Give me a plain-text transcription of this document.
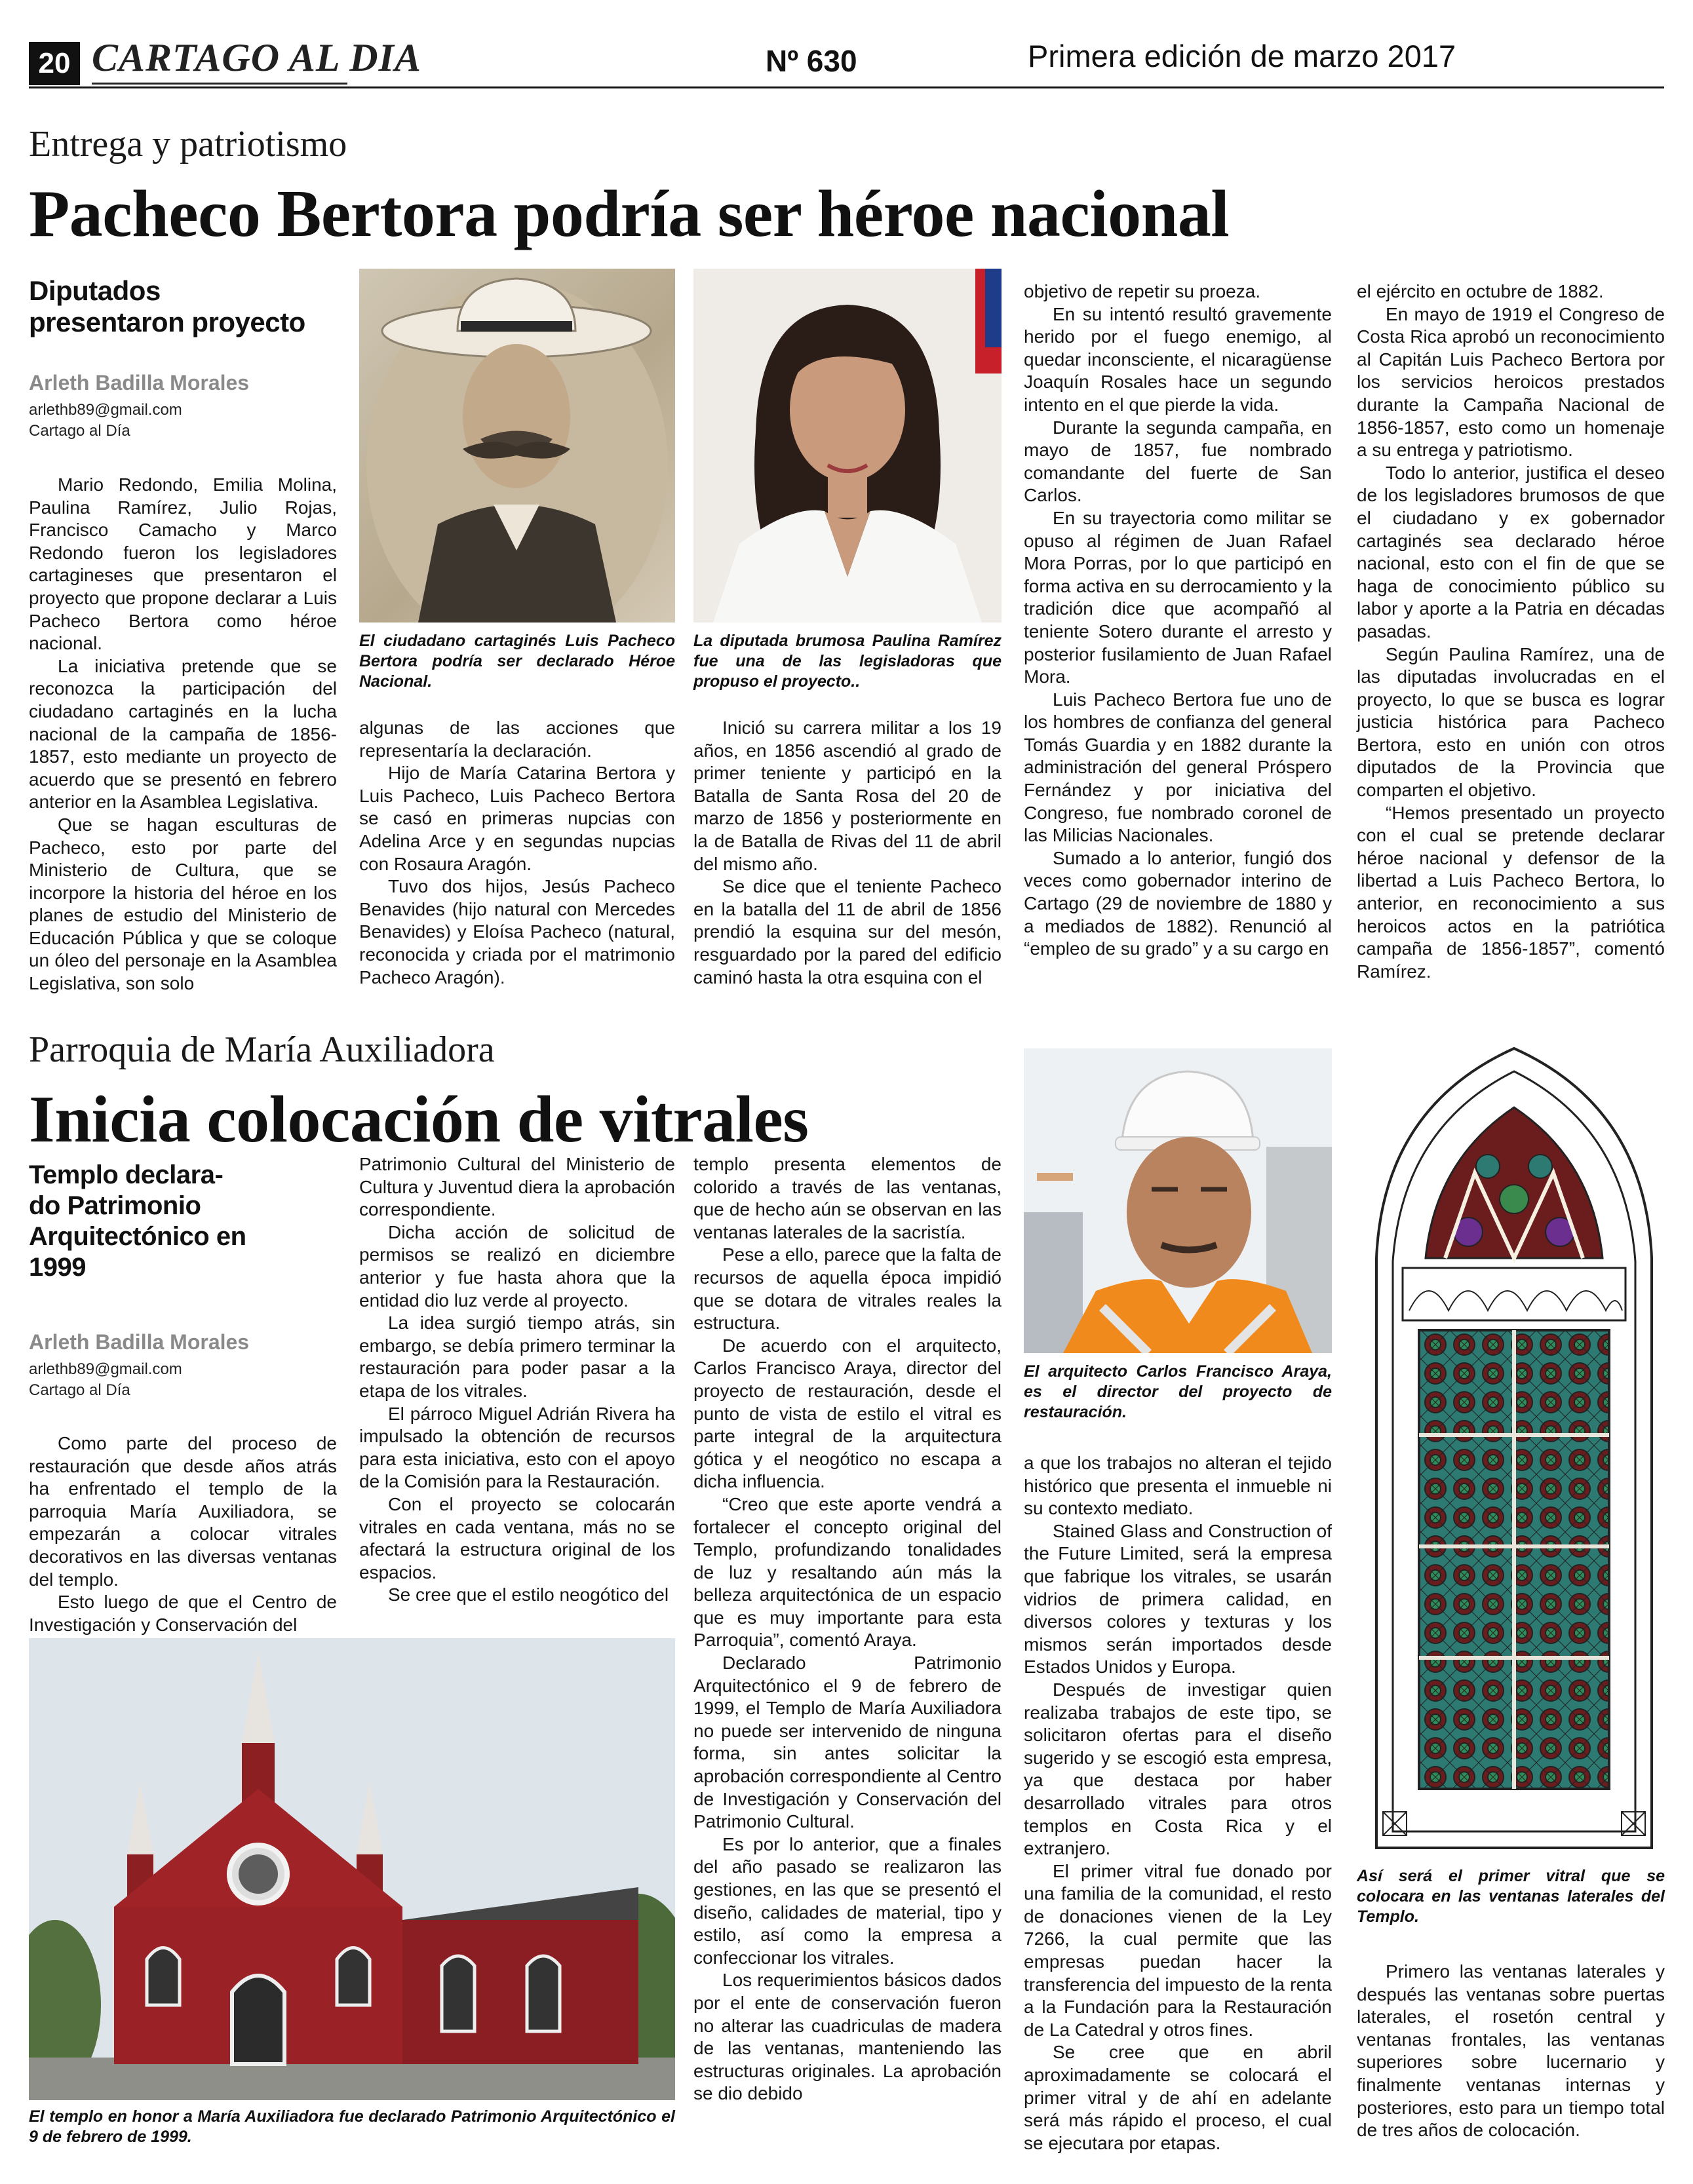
20 CARTAGO AL DIA	Nº 630	Primera edición de marzo 2017
Entrega y patriotismo
Pacheco Bertora podría ser héroe nacional
Diputados
presentaron proyecto
Arleth Badilla Morales
arlethb89@gmail.com
Cartago al Día
El ciudadano cartaginés Luis Pacheco Bertora podría ser declarado Héroe Nacional.
La diputada brumosa Paulina Ramírez fue una de las legisladoras que propuso el proyecto..

Mario Redondo, Emilia Molina, Paulina Ramírez, Julio Rojas, Francisco Camacho y Marco Redondo fueron los legisladores cartagineses que presentaron el proyecto que propone declarar a Luis Pacheco Bertora como héroe nacional.

La iniciativa pretende que se reconozca la participación del ciudadano cartaginés en la lucha nacional de la campaña de 1856-1857, esto mediante un proyecto de acuerdo que se presentó en febrero anterior en la Asamblea Legislativa.

Que se hagan esculturas de Pacheco, esto por parte del Ministerio de Cultura, que se incorpore la historia del héroe en los planes de estudio del Ministerio de Educación Pública y que se coloque un óleo del personaje en la Asamblea Legislativa, son solo

algunas de las acciones que representaría la declaración.

Hijo de María Catarina Bertora y Luis Pacheco, Luis Pacheco Bertora se casó en primeras nupcias con Adelina Arce y en segundas nupcias con Rosaura Aragón.

Tuvo dos hijos, Jesús Pacheco Benavides (hijo natural con Mercedes Benavides) y Eloísa Pacheco (natural, reconocida y criada por el matrimonio Pacheco Aragón).

Inició su carrera militar a los 19 años, en 1856 ascendió al grado de primer teniente y participó en la Batalla de Santa Rosa del 20 de marzo de 1856 y posteriormente en la de Batalla de Rivas del 11 de abril del mismo año.

Se dice que el teniente Pacheco en la batalla del 11 de abril de 1856 prendió la esquina sur del mesón, resguardado por la pared del edificio caminó hasta la otra esquina con el

objetivo de repetir su proeza.

En su intentó resultó gravemente herido por el fuego enemigo, al quedar inconsciente, el nicaragüense Joaquín Rosales hace un segundo intento en el que pierde la vida.

Durante la segunda campaña, en mayo de 1857, fue nombrado comandante del fuerte de San Carlos.

En su trayectoria como militar se opuso al régimen de Juan Rafael Mora Porras, por lo que participó en forma activa en su derrocamiento y la tradición dice que acompañó al teniente Sotero durante el arresto y posterior fusilamiento de Juan Rafael Mora.

Luis Pacheco Bertora fue uno de los hombres de confianza del general Tomás Guardia y en 1882 durante la administración del general Próspero Fernández y por iniciativa del Congreso, fue nombrado coronel de las Milicias Nacionales.

Sumado a lo anterior, fungió dos veces como gobernador interino de Cartago (29 de noviembre de 1880 y a mediados de 1882). Renunció al “empleo de su grado” y a su cargo en

el ejército en octubre de 1882.

En mayo de 1919 el Congreso de Costa Rica aprobó un reconocimiento al Capitán Luis Pacheco Bertora por los servicios heroicos prestados durante la Campaña Nacional de 1856-1857, esto como un homenaje a su entrega y patriotismo.

Todo lo anterior, justifica el deseo de los legisladores brumosos de que el ciudadano y ex gobernador cartaginés sea declarado héroe nacional, esto con el fin de que se haga de conocimiento público su labor y aporte a la Patria en décadas pasadas.

Según Paulina Ramírez, una de las diputadas involucradas en el proyecto, lo que se busca es lograr justicia histórica para Pacheco Bertora, esto en unión con otros diputados de la Provincia que comparten el objetivo.

“Hemos presentado un proyecto con el cual se pretende declarar héroe nacional y defensor de la libertad a Luis Pacheco Bertora, lo anterior, en reconocimiento a sus heroicos actos en la patriótica campaña de 1856-1857”, comentó Ramírez.

Parroquia de María Auxiliadora
Inicia colocación de vitrales
Templo declara-
do Patrimonio
Arquitectónico en
1999
Arleth Badilla Morales
arlethb89@gmail.com
Cartago al Día

Como parte del proceso de restauración que desde años atrás ha enfrentado el templo de la parroquia María Auxiliadora, se empezarán a colocar vitrales decorativos en las diversas ventanas del templo.

Esto luego de que el Centro de Investigación y Conservación del

Patrimonio Cultural del Ministerio de Cultura y Juventud diera la aprobación correspondiente.

Dicha acción de solicitud de permisos se realizó en diciembre anterior y fue hasta ahora que la entidad dio luz verde al proyecto.

La idea surgió tiempo atrás, sin embargo, se debía primero terminar la restauración para poder pasar a la etapa de los vitrales.

El párroco Miguel Adrián Rivera ha impulsado la obtención de recursos para esta iniciativa, esto con el apoyo de la Comisión para la Restauración.

Con el proyecto se colocarán vitrales en cada ventana, más no se afectará la estructura original de los espacios.

Se cree que el estilo neogótico del

templo presenta elementos de colorido a través de las ventanas, que de hecho aún se observan en las ventanas laterales de la sacristía.

Pese a ello, parece que la falta de recursos de aquella época impidió que se dotara de vitrales reales la estructura.

De acuerdo con el arquitecto, Carlos Francisco Araya, director del proyecto de restauración, desde el punto de vista de estilo el vitral es parte integral de la arquitectura gótica y el neogótico no escapa a dicha influencia.

“Creo que este aporte vendrá a fortalecer el concepto original del Templo, profundizando tonalidades de luz y resaltando aún más la belleza arquitectónica de un espacio que es muy importante para esta Parroquia”, comentó Araya.

Declarado Patrimonio Arquitectónico el 9 de febrero de 1999, el Templo de María Auxiliadora no puede ser intervenido de ninguna forma, sin antes solicitar la aprobación correspondiente al Centro de Investigación y Conservación del Patrimonio Cultural.

Es por lo anterior, que a finales del año pasado se realizaron las gestiones, en las que se presentó el diseño, calidades de material, tipo y estilo, así como la empresa a confeccionar los vitrales.

Los requerimientos básicos dados por el ente de conservación fueron no alterar las cuadriculas de madera de las ventanas, manteniendo las estructuras originales. La aprobación se dio debido

a que los trabajos no alteran el tejido histórico que presenta el inmueble ni su contexto mediato.

Stained Glass and Construction of the Future Limited, será la empresa que fabrique los vitrales, se usarán vidrios de primera calidad, en diversos colores y texturas y los mismos serán importados desde Estados Unidos y Europa.

Después de investigar quien realizaba trabajos de este tipo, se solicitaron ofertas para el diseño sugerido y se escogió esta empresa, ya que destaca por haber desarrollado vitrales para otros templos en Costa Rica y el extranjero.

El primer vitral fue donado por una familia de la comunidad, el resto de donaciones vienen de la Ley 7266, la cual permite que las empresas puedan hacer la transferencia del impuesto de la renta a la Fundación para la Restauración de La Catedral y otros fines.

Se cree que en abril aproximadamente se colocará el primer vitral y de ahí en adelante será más rápido el proceso, el cual se ejecutara por etapas.

Primero las ventanas laterales y después las ventanas sobre puertas laterales, el rosetón central y ventanas frontales, las ventanas superiores sobre lucernario y finalmente ventanas internas y posteriores, esto para un tiempo total de tres años de colocación.

El arquitecto Carlos Francisco Araya, es el director del proyecto de restauración.
El templo en honor a María Auxiliadora fue declarado Patrimonio Arquitectónico el 9 de febrero de 1999.
Así será el primer vitral que se colocara en las ventanas laterales del Templo.
